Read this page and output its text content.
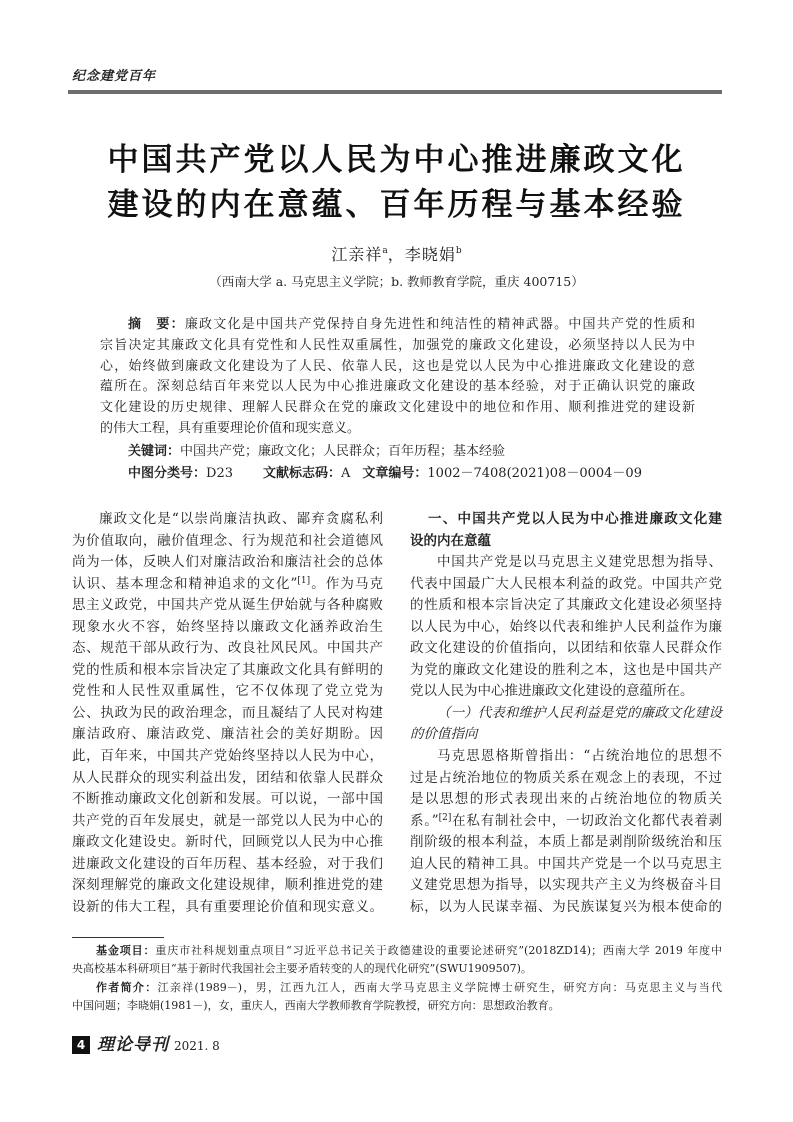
纪念建党百年
中国共产党以人民为中心推进廉政文化
建设的内在意蕴、百年历程与基本经验
江亲祥$^a$，李晓娟$^b$
（西南大学 a. 马克思主义学院；b. 教师教育学院，重庆 400715）
摘　要：廉政文化是中国共产党保持自身先进性和纯洁性的精神武器。中国共产党的性质和
宗旨决定其廉政文化具有党性和人民性双重属性，加强党的廉政文化建设，必须坚持以人民为中
心，始终做到廉政文化建设为了人民、依靠人民，这也是党以人民为中心推进廉政文化建设的意
蕴所在。深刻总结百年来党以人民为中心推进廉政文化建设的基本经验，对于正确认识党的廉政
文化建设的历史规律、理解人民群众在党的廉政文化建设中的地位和作用、顺利推进党的建设新
的伟大工程，具有重要理论价值和现实意义。
关键词：中国共产党；廉政文化；人民群众；百年历程；基本经验
中图分类号：D23 文献标志码：A 文章编号：1002－7408(2021)08－0004－09
廉政文化是“以崇尚廉洁执政、鄙弃贪腐私利
为价值取向，融价值理念、行为规范和社会道德风
尚为一体，反映人们对廉洁政治和廉洁社会的总体
认识、基本理念和精神追求的文化”[1]。作为马克
思主义政党，中国共产党从诞生伊始就与各种腐败
现象水火不容，始终坚持以廉政文化涵养政治生
态、规范干部从政行为、改良社风民风。中国共产
党的性质和根本宗旨决定了其廉政文化具有鲜明的
党性和人民性双重属性，它不仅体现了党立党为
公、执政为民的政治理念，而且凝结了人民对构建
廉洁政府、廉洁政党、廉洁社会的美好期盼。因
此，百年来，中国共产党始终坚持以人民为中心，
从人民群众的现实利益出发，团结和依靠人民群众
不断推动廉政文化创新和发展。可以说，一部中国
共产党的百年发展史，就是一部党以人民为中心的
廉政文化建设史。新时代，回顾党以人民为中心推
进廉政文化建设的百年历程、基本经验，对于我们
深刻理解党的廉政文化建设规律，顺利推进党的建
设新的伟大工程，具有重要理论价值和现实意义。
一、中国共产党以人民为中心推进廉政文化建
设的内在意蕴
中国共产党是以马克思主义建党思想为指导、
代表中国最广大人民根本利益的政党。中国共产党
的性质和根本宗旨决定了其廉政文化建设必须坚持
以人民为中心，始终以代表和维护人民利益作为廉
政文化建设的价值指向，以团结和依靠人民群众作
为党的廉政文化建设的胜利之本，这也是中国共产
党以人民为中心推进廉政文化建设的意蕴所在。
（一）代表和维护人民利益是党的廉政文化建设
的价值指向
马克思恩格斯曾指出：“占统治地位的思想不
过是占统治地位的物质关系在观念上的表现，不过
是以思想的形式表现出来的占统治地位的物质关
系。”[2]在私有制社会中，一切政治文化都代表着剥
削阶级的根本利益，本质上都是剥削阶级统治和压
迫人民的精神工具。中国共产党是一个以马克思主
义建党思想为指导，以实现共产主义为终极奋斗目
标，以为人民谋幸福、为民族谋复兴为根本使命的
基金项目：重庆市社科规划重点项目“习近平总书记关于政德建设的重要论述研究”(2018ZD14)；西南大学 2019 年度中
央高校基本科研项目“基于新时代我国社会主要矛盾转变的人的现代化研究”(SWU1909507)。
作者简介：江亲祥(1989－)，男，江西九江人，西南大学马克思主义学院博士研究生，研究方向：马克思主义与当代
中国问题；李晓娟(1981－)，女，重庆人，西南大学教师教育学院教授，研究方向：思想政治教育。
4 理论导刊 2021. 8
